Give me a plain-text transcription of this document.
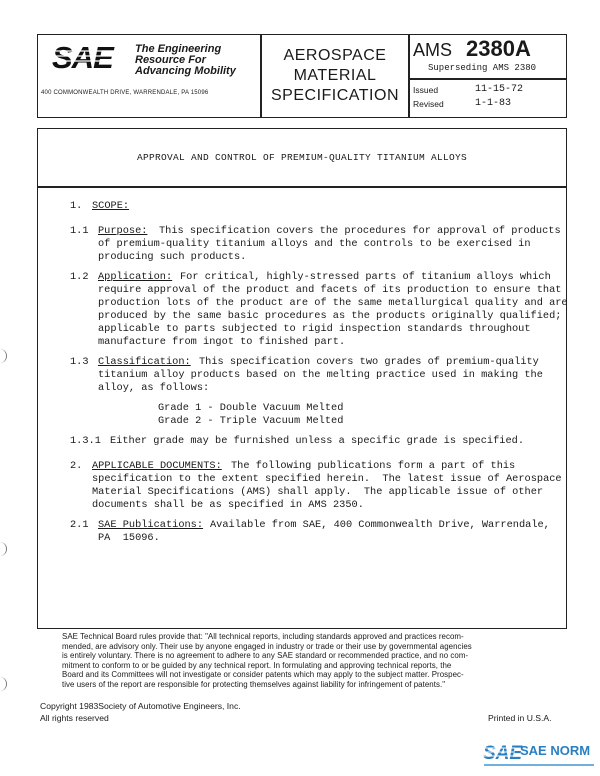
SAE The Engineering
Resource For
Advancing Mobility
400 COMMONWEALTH DRIVE, WARRENDALE, PA 15096
AEROSPACE
MATERIAL
SPECIFICATION
AMS 2380A
Superseding AMS 2380
Issued	11-15-72
Revised	1-1-83
APPROVAL AND CONTROL OF PREMIUM-QUALITY TITANIUM ALLOYS
1. SCOPE:
1.1 Purpose: This specification covers the procedures for approval of products
of premium-quality titanium alloys and the controls to be exercised in
producing such products.
1.2 Application: For critical, highly-stressed parts of titanium alloys which
require approval of the product and facets of its production to ensure that
production lots of the product are of the same metallurgical quality and are
produced by the same basic procedures as the products originally qualified;
applicable to parts subjected to rigid inspection standards throughout
manufacture from ingot to finished part.
1.3 Classification: This specification covers two grades of premium-quality
titanium alloy products based on the melting practice used in making the
alloy, as follows:
Grade 1 - Double Vacuum Melted
Grade 2 - Triple Vacuum Melted
1.3.1 Either grade may be furnished unless a specific grade is specified.
2. APPLICABLE DOCUMENTS: The following publications form a part of this
specification to the extent specified herein.  The latest issue of Aerospace
Material Specifications (AMS) shall apply.  The applicable issue of other
documents shall be as specified in AMS 2350.
2.1 SAE Publications: Available from SAE, 400 Commonwealth Drive, Warrendale,
PA  15096.
SAE Technical Board rules provide that: "All technical reports, including standards approved and practices recom-
mended, are advisory only. Their use by anyone engaged in industry or trade or their use by governmental agencies
is entirely voluntary. There is no agreement to adhere to any SAE standard or recommended practice, and no com-
mitment to conform to or be guided by any technical report. In formulating and approving technical reports, the
Board and its Committees will not investigate or consider patents which may apply to the subject matter. Prospec-
tive users of the report are responsible for protecting themselves against liability for infringement of patents."
Copyright 1983Society of Automotive Engineers, Inc.
All rights reserved	Printed in U.S.A.
SAE
SAE NORM
